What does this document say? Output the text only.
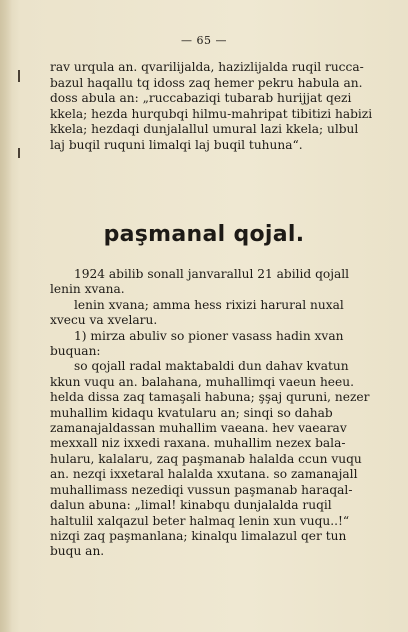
— 65 —
rav urqula an. qvarilijalda, hazizlijalda ruqil rucca-
bazul haqallu tq idoss zaq hemer pekru habula an.
doss abula an: „ruccabaziqi tubarab hurijjat qezi
kkela; hezda hurqubqi hilmu-mahripat tibitizi habizi
kkela; hezdaqi dunjalallul umural lazi kkela; ulbul
laj buqil ruquni limalqi laj buqil tuhuna“.
paşmanal qojal.
1924 abilib sonall janvarallul 21 abilid qojall
lenin xvana.
lenin xvana; amma hess rixizi harural nuxal
xvecu va xvelaru.
1) mirza abuliv so pioner vasass hadin xvan
buquan:
so qojall radal maktabaldi dun dahav kvatun
kkun vuqu an. balahana, muhallimqi vaeun heeu.
helda dissa zaq tamaşali habuna; şşaj quruni, nezer
muhallim kidaqu kvatularu an; sinqi so dahab
zamanajaldassan muhallim vaeana. hev vaearav
mexxall niz ixxedi raxana. muhallim nezex bala-
hularu, kalalaru, zaq paşmanab halalda ccun vuqu
an. nezqi ixxetaral halalda xxutana. so zamanajall
muhallimass nezediqi vussun paşmanab haraqal-
dalun abuna: „limal! kinabqu dunjalalda ruqil
haltulil xalqazul beter halmaq lenin xun vuqu..!“
nizqi zaq paşmanlana; kinalqu limalazul qer tun
buqu an.
